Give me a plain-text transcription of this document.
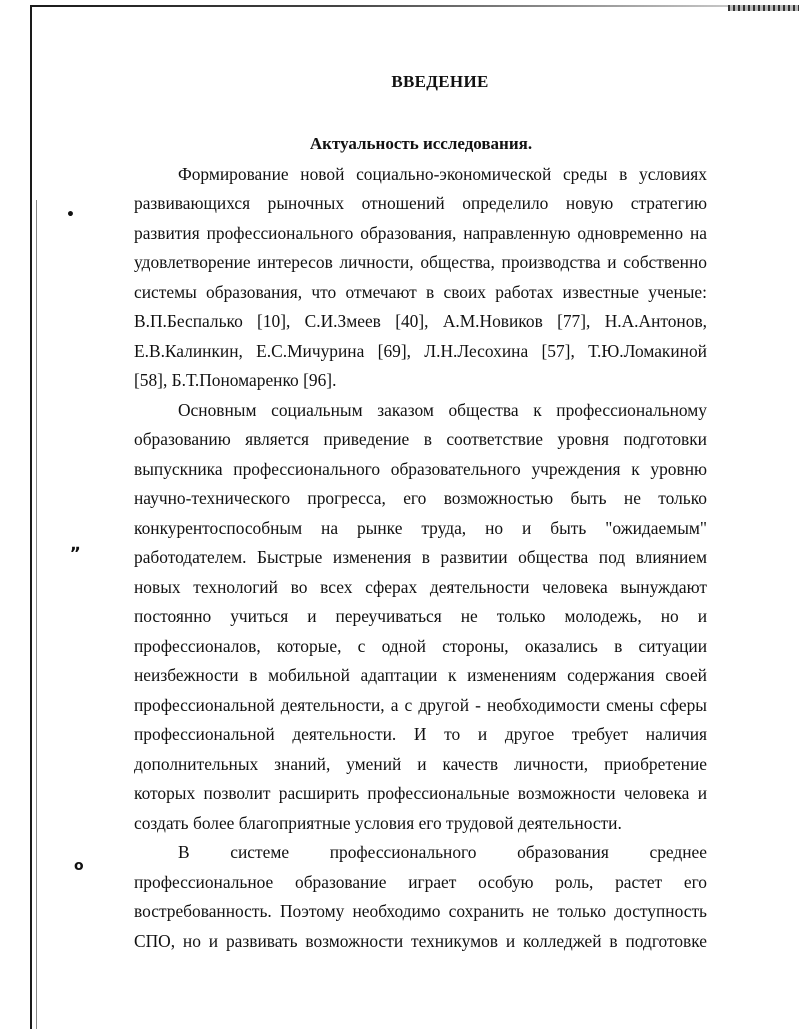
•
„
o
ВВЕДЕНИЕ
Актуальность исследования.
Формирование новой социально-экономической среды в условиях
развивающихся рыночных отношений определило новую стратегию
развития профессионального образования, направленную одновременно на
удовлетворение интересов личности, общества, производства и собственно
системы образования, что отмечают в своих работах известные ученые:
В.П.Беспалько [10], С.И.Змеев [40], А.М.Новиков [77], Н.А.Антонов,
Е.В.Калинкин, Е.С.Мичурина [69], Л.Н.Лесохина [57], Т.Ю.Ломакиной
[58], Б.Т.Пономаренко [96].
Основным социальным заказом общества к профессиональному
образованию является приведение в соответствие уровня подготовки
выпускника профессионального образовательного учреждения к уровню
научно-технического прогресса, его возможностью быть не только
конкурентоспособным на рынке труда, но и быть "ожидаемым"
работодателем. Быстрые изменения в развитии общества под влиянием
новых технологий во всех сферах деятельности человека вынуждают
постоянно учиться и переучиваться не только молодежь, но и
профессионалов, которые, с одной стороны, оказались в ситуации
неизбежности в мобильной адаптации к изменениям содержания своей
профессиональной деятельности, а с другой - необходимости смены сферы
профессиональной деятельности. И то и другое требует наличия
дополнительных знаний, умений и качеств личности, приобретение
которых позволит расширить профессиональные возможности человека и
создать более благоприятные условия его трудовой деятельности.
В системе профессионального образования среднее
профессиональное образование играет особую роль, растет его
востребованность. Поэтому необходимо сохранить не только доступность
СПО, но и развивать возможности техникумов и колледжей в подготовке
